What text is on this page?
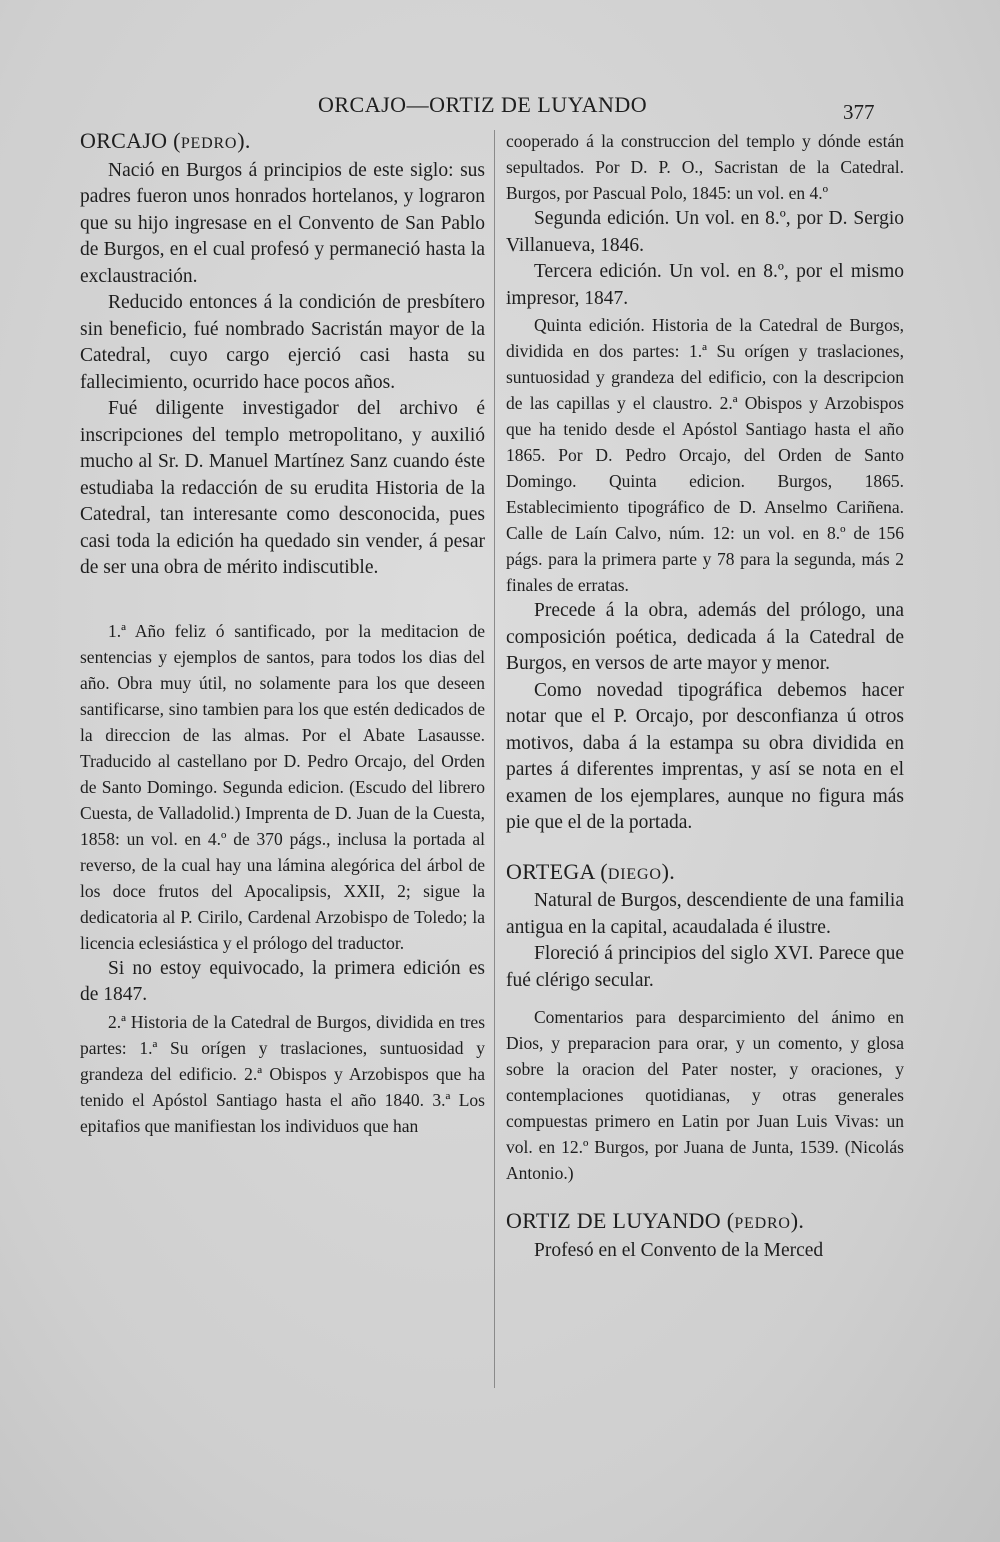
ORCAJO—ORTIZ DE LUYANDO	377

ORCAJO (PEDRO).

Nació en Burgos á principios de este siglo: sus padres fueron unos honrados hortelanos, y lograron que su hijo ingresase en el Convento de San Pablo de Burgos, en el cual profesó y permaneció hasta la exclaustración.

Reducido entonces á la condición de presbítero sin beneficio, fué nombrado Sacristán mayor de la Catedral, cuyo cargo ejerció casi hasta su fallecimiento, ocurrido hace pocos años.

Fué diligente investigador del archivo é inscripciones del templo metropolitano, y auxilió mucho al Sr. D. Manuel Martínez Sanz cuando éste estudiaba la redacción de su erudita Historia de la Catedral, tan interesante como desconocida, pues casi toda la edición ha quedado sin vender, á pesar de ser una obra de mérito indiscutible.

1.ª Año feliz ó santificado, por la meditacion de sentencias y ejemplos de santos, para todos los dias del año. Obra muy útil, no solamente para los que deseen santificarse, sino tambien para los que estén dedicados de la direccion de las almas. Por el Abate Lasausse. Traducido al castellano por D. Pedro Orcajo, del Orden de Santo Domingo. Segunda edicion. (Escudo del librero Cuesta, de Valladolid.) Imprenta de D. Juan de la Cuesta, 1858: un vol. en 4.º de 370 págs., inclusa la portada al reverso, de la cual hay una lámina alegórica del árbol de los doce frutos del Apocalipsis, XXII, 2; sigue la dedicatoria al P. Cirilo, Cardenal Arzobispo de Toledo; la licencia eclesiástica y el prólogo del traductor.

Si no estoy equivocado, la primera edición es de 1847.

2.ª Historia de la Catedral de Burgos, dividida en tres partes: 1.ª Su orígen y traslaciones, suntuosidad y grandeza del edificio. 2.ª Obispos y Arzobispos que ha tenido el Apóstol Santiago hasta el año 1840. 3.ª Los epitafios que manifiestan los individuos que han

cooperado á la construccion del templo y dónde están sepultados. Por D. P. O., Sacristan de la Catedral. Burgos, por Pascual Polo, 1845: un vol. en 4.º

Segunda edición. Un vol. en 8.º, por D. Sergio Villanueva, 1846.

Tercera edición. Un vol. en 8.º, por el mismo impresor, 1847.

Quinta edición. Historia de la Catedral de Burgos, dividida en dos partes: 1.ª Su orígen y traslaciones, suntuosidad y grandeza del edificio, con la descripcion de las capillas y el claustro. 2.ª Obispos y Arzobispos que ha tenido desde el Apóstol Santiago hasta el año 1865. Por D. Pedro Orcajo, del Orden de Santo Domingo. Quinta edicion. Burgos, 1865. Establecimiento tipográfico de D. Anselmo Cariñena. Calle de Laín Calvo, núm. 12: un vol. en 8.º de 156 págs. para la primera parte y 78 para la segunda, más 2 finales de erratas.

Precede á la obra, además del prólogo, una composición poética, dedicada á la Catedral de Burgos, en versos de arte mayor y menor.

Como novedad tipográfica debemos hacer notar que el P. Orcajo, por desconfianza ú otros motivos, daba á la estampa su obra dividida en partes á diferentes imprentas, y así se nota en el examen de los ejemplares, aunque no figura más pie que el de la portada.

ORTEGA (DIEGO).

Natural de Burgos, descendiente de una familia antigua en la capital, acaudalada é ilustre.

Floreció á principios del siglo XVI. Parece que fué clérigo secular.

Comentarios para desparcimiento del ánimo en Dios, y preparacion para orar, y un comento, y glosa sobre la oracion del Pater noster, y oraciones, y contemplaciones quotidianas, y otras generales compuestas primero en Latin por Juan Luis Vivas: un vol. en 12.º Burgos, por Juana de Junta, 1539. (Nicolás Antonio.)

ORTIZ DE LUYANDO (PEDRO).

Profesó en el Convento de la Merced
